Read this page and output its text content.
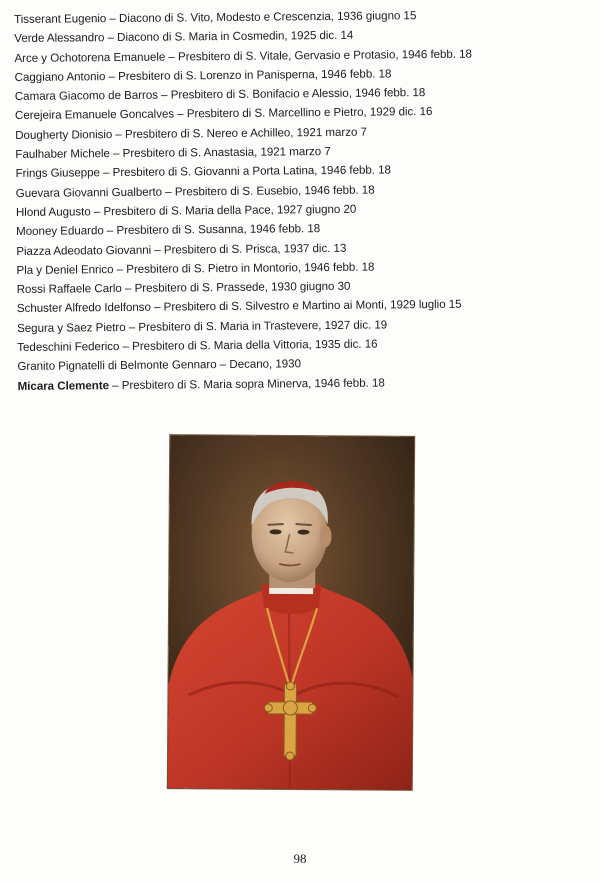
Tisserant Eugenio – Diacono di S. Vito, Modesto e Crescenzia, 1936 giugno 15
Verde Alessandro – Diacono di S. Maria in Cosmedin, 1925 dic. 14
Arce y Ochotorena Emanuele – Presbitero di S. Vitale, Gervasio e Protasio, 1946 febb. 18
Caggiano Antonio – Presbitero di S. Lorenzo in Panisperna, 1946 febb. 18
Camara Giacomo de Barros – Presbitero di S. Bonifacio e Alessio, 1946 febb. 18
Cerejeira Emanuele Goncalves – Presbitero di S. Marcellino e Pietro, 1929 dic. 16
Dougherty Dionisio – Presbitero di S. Nereo e Achilleo, 1921 marzo 7
Faulhaber Michele – Presbitero di S. Anastasia, 1921 marzo 7
Frings Giuseppe – Presbitero di S. Giovanni a Porta Latina, 1946 febb. 18
Guevara Giovanni Gualberto – Presbitero di S. Eusebio, 1946 febb. 18
Hlond Augusto – Presbitero di S. Maria della Pace, 1927 giugno 20
Mooney Eduardo – Presbitero di S. Susanna, 1946 febb. 18
Piazza Adeodato Giovanni – Presbitero di S. Prisca, 1937 dic. 13
Pla y Deniel Enrico – Presbitero di S. Pietro in Montorio, 1946 febb. 18
Rossi Raffaele Carlo – Presbitero di S. Prassede, 1930 giugno 30
Schuster Alfredo Idelfonso – Presbitero di S. Silvestro e Martino ai Monti, 1929 luglio 15
Segura y Saez Pietro – Presbitero di S. Maria in Trastevere, 1927 dic. 19
Tedeschini Federico – Presbitero di S. Maria della Vittoria, 1935 dic. 16
Granito Pignatelli di Belmonte Gennaro – Decano, 1930
Micara Clemente – Presbitero di S. Maria sopra Minerva, 1946 febb. 18
98
